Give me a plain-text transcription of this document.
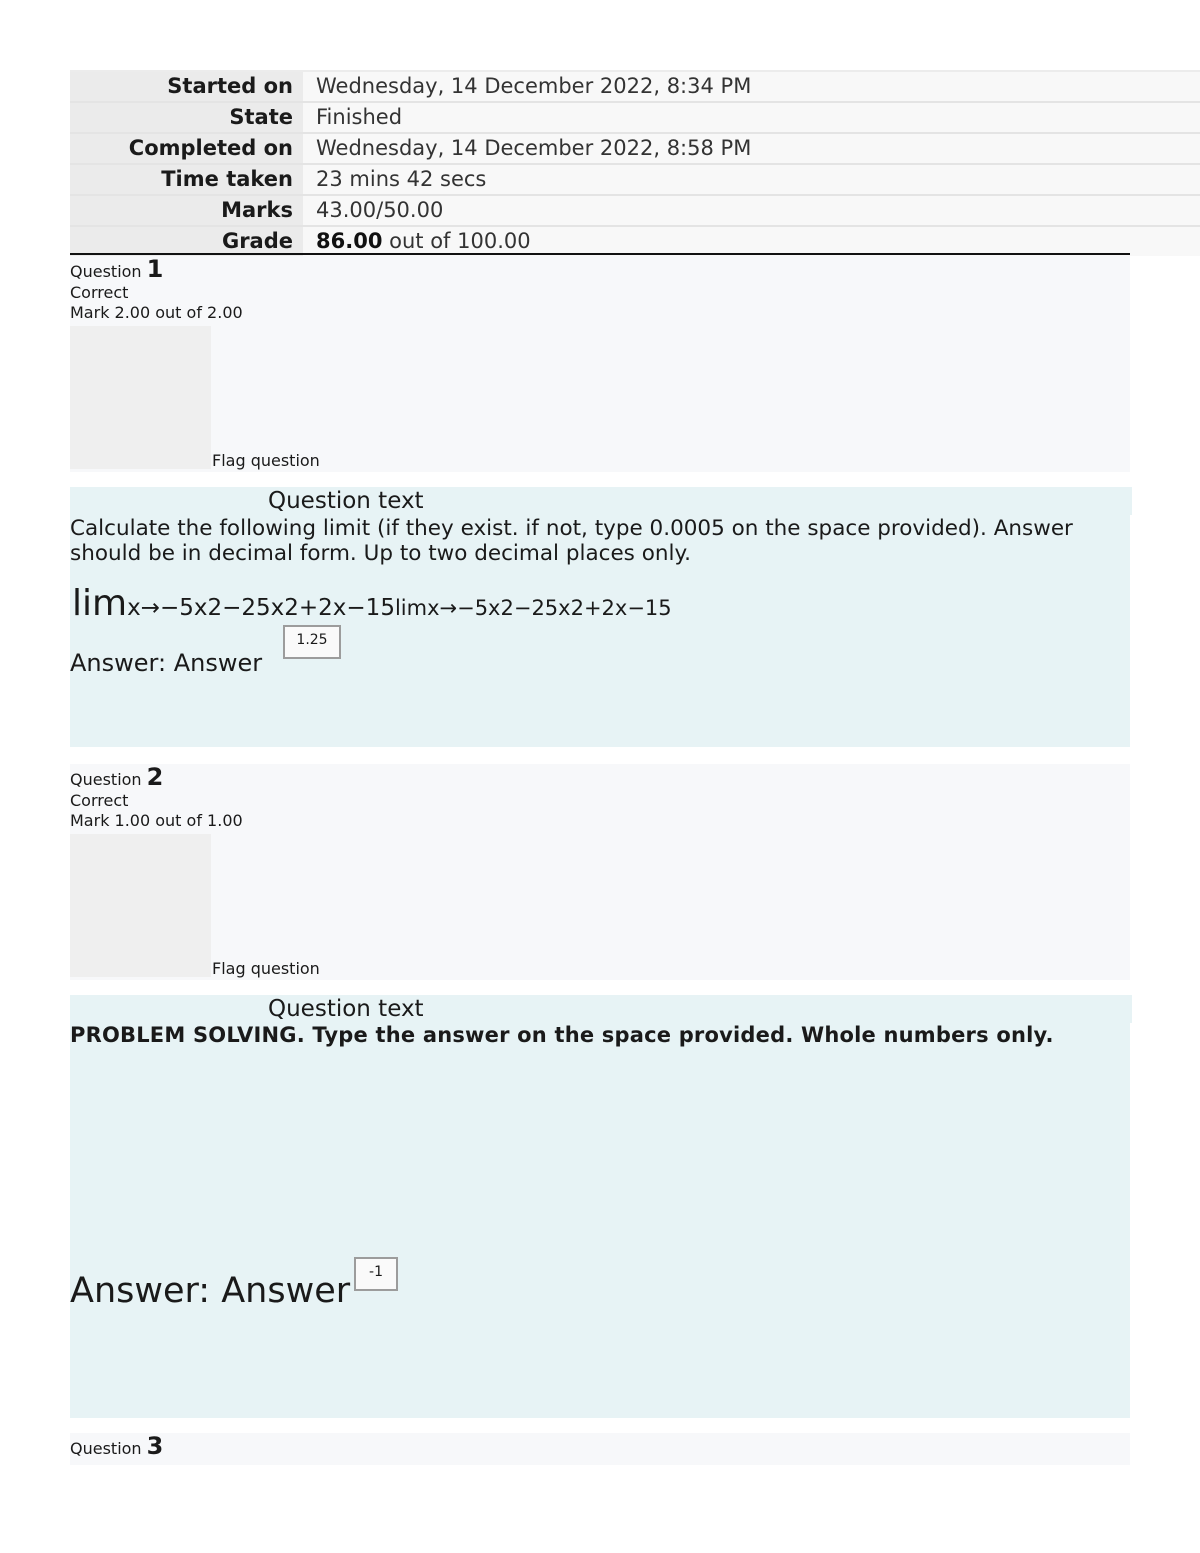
Started on	Wednesday, 14 December 2022, 8:34 PM
State	Finished
Completed on	Wednesday, 14 December 2022, 8:58 PM
Time taken	23 mins 42 secs
Marks	43.00/50.00
Grade	86.00 out of 100.00
Question 1
Correct
Mark 2.00 out of 2.00
Flag question
Question text
Calculate the following limit (if they exist. if not, type 0.0005 on the space provided). Answer should be in decimal form. Up to two decimal places only.
limx→−5x2−25x2+2x−15limx→−5x2−25x2+2x−15
Answer: Answer
1.25
Question 2
Correct
Mark 1.00 out of 1.00
Flag question
Question text
PROBLEM SOLVING. Type the answer on the space provided. Whole numbers only.
Answer: Answer	-1
Question 3
